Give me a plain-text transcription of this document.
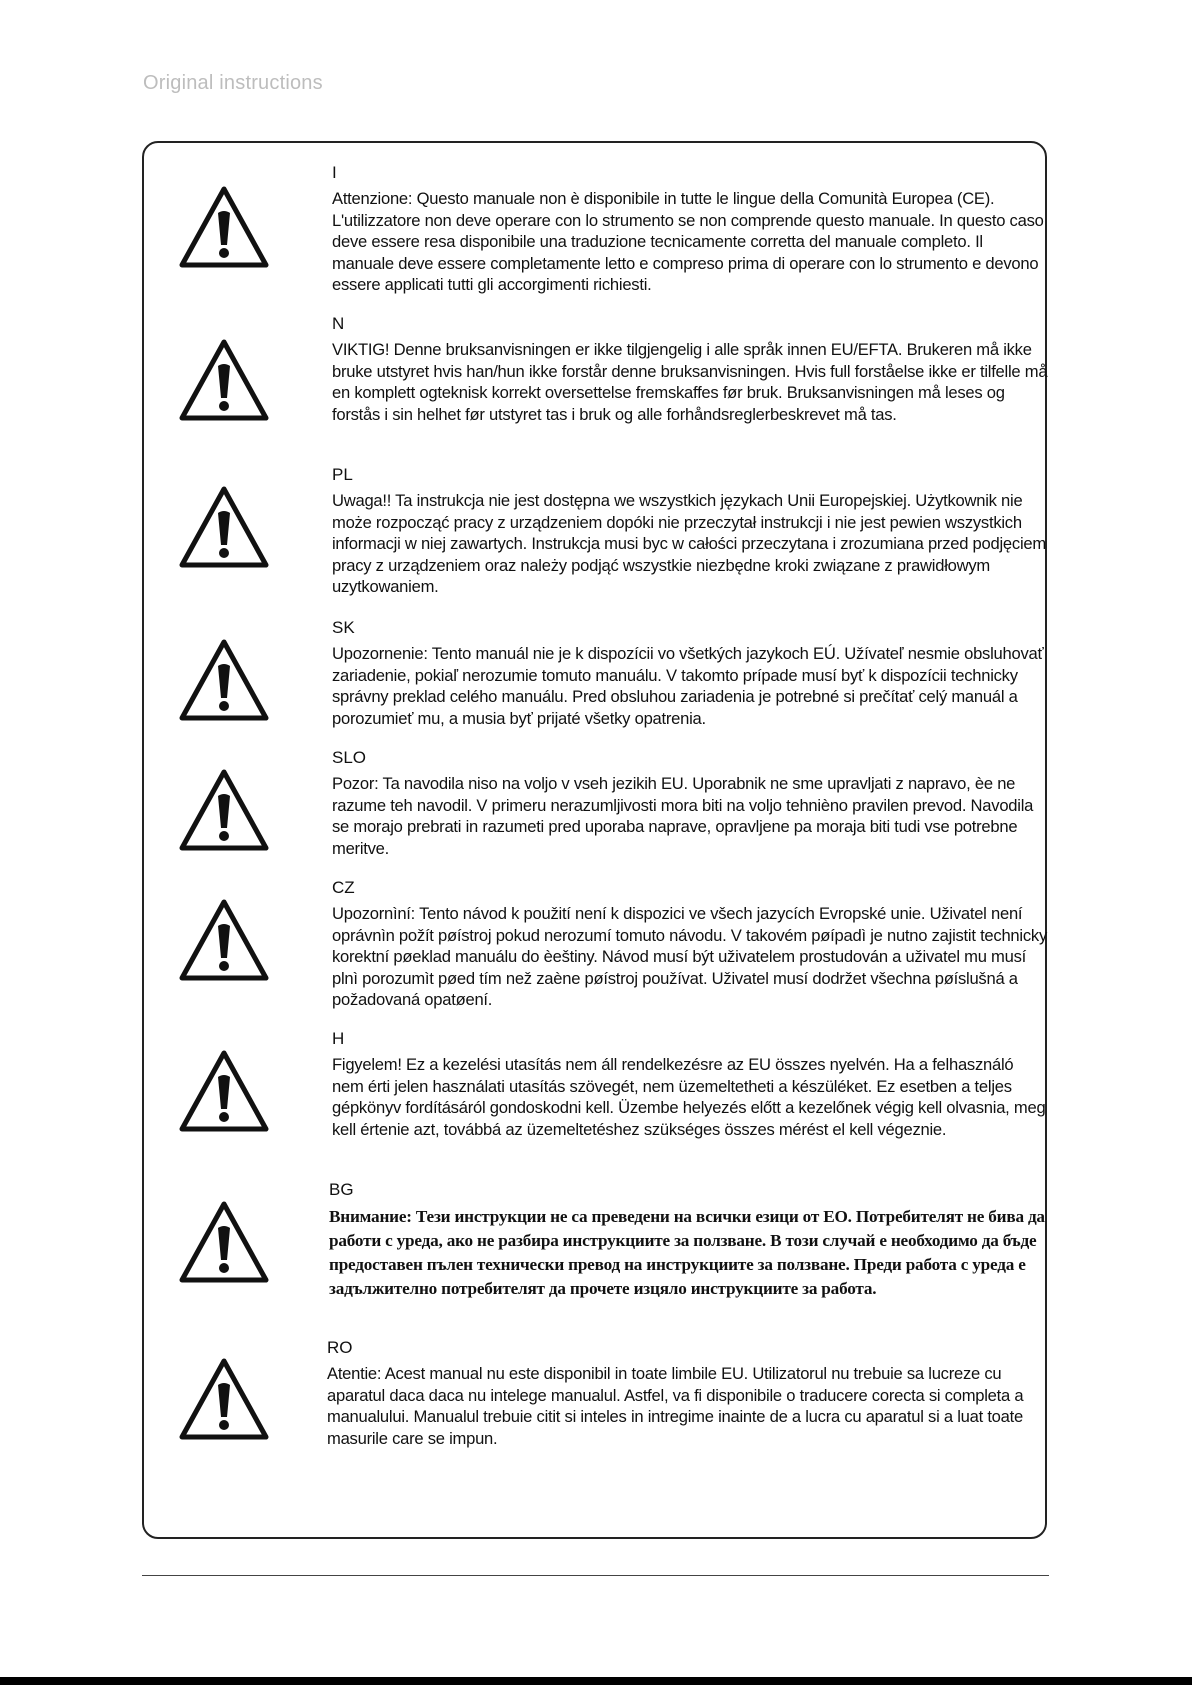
Original instructions
I
Attenzione: Questo manuale non è disponibile in tutte le lingue della Comunità Europea (CE). L'utilizzatore non deve operare con lo strumento se non comprende questo manuale. In questo caso deve essere resa disponibile una traduzione tecnicamente corretta del manuale completo. Il manuale deve essere completamente letto e compreso prima di operare con lo strumento e devono essere applicati tutti gli accorgimenti richiesti.
N
VIKTIG! Denne bruksanvisningen er ikke tilgjengelig i alle språk innen EU/EFTA. Brukeren må ikke bruke utstyret hvis han/hun ikke forstår denne bruksanvisningen. Hvis full forståelse ikke er tilfelle må en komplett ogteknisk korrekt oversettelse fremskaffes før bruk. Bruksanvisningen må leses og forstås i sin helhet før utstyret tas i bruk og alle forhåndsreglerbeskrevet må tas.
PL
Uwaga!! Ta instrukcja nie jest dostępna we wszystkich językach Unii Europejskiej. Użytkownik nie może rozpocząć pracy z urządzeniem dopóki nie przeczytał instrukcji i nie jest pewien wszystkich informacji w niej zawartych. Instrukcja musi byc w całości przeczytana i zrozumiana przed podjęciem pracy z urządzeniem oraz należy podjąć wszystkie niezbędne kroki związane z prawidłowym uzytkowaniem.
SK
Upozornenie: Tento manuál nie je k dispozícii vo všetkých jazykoch EÚ. Užívateľ nesmie obsluhovať zariadenie, pokiaľ nerozumie tomuto manuálu. V takomto prípade musí byť k dispozícii technicky správny preklad celého manuálu. Pred obsluhou zariadenia je potrebné si prečítať celý manuál a porozumieť mu, a musia byť prijaté všetky opatrenia.
SLO
Pozor: Ta navodila niso na voljo v vseh jezikih EU. Uporabnik ne sme upravljati z napravo, èe ne razume teh navodil. V primeru nerazumljivosti mora biti na voljo tehnièno pravilen prevod. Navodila se morajo prebrati in razumeti pred uporaba naprave, opravljene pa moraja biti tudi vse potrebne meritve.
CZ
Upozornìní: Tento návod k použití není k dispozici ve všech jazycích Evropské unie. Uživatel není oprávnìn požít pøístroj pokud nerozumí tomuto návodu. V takovém pøípadì je nutno zajistit technicky korektní pøeklad manuálu do èeštiny. Návod musí být uživatelem prostudován a uživatel mu musí plnì porozumìt pøed tím než zaène pøístroj používat. Uživatel musí dodržet všechna pøíslušná a požadovaná opatøení.
H
Figyelem! Ez a kezelési utasítás nem áll rendelkezésre az EU összes nyelvén. Ha a felhasználó nem érti jelen használati utasítás szövegét, nem üzemeltetheti a készüléket. Ez esetben a teljes gépkönyv fordításáról gondoskodni kell. Üzembe helyezés előtt a kezelőnek végig kell olvasnia, meg kell értenie azt, továbbá az üzemeltetéshez szükséges összes mérést el kell végeznie.
BG
Внимание: Тези инструкции не са преведени на всички езици от ЕО. Потребителят не бива да работи с уреда, ако не разбира инструкциите за ползване. В този случай е необходимо да бъде предоставен пълен технически превод на инструкциите за ползване. Преди работа с уреда е задължително потребителят да прочете изцяло инструкциите за работа.
RO
Atentie: Acest manual nu este disponibil in toate limbile EU. Utilizatorul nu trebuie sa lucreze cu aparatul daca daca nu intelege manualul. Astfel, va fi disponibile o traducere corecta si completa a manualului. Manualul trebuie citit si inteles in intregime inainte de a lucra cu aparatul si a luat toate masurile care se impun.
